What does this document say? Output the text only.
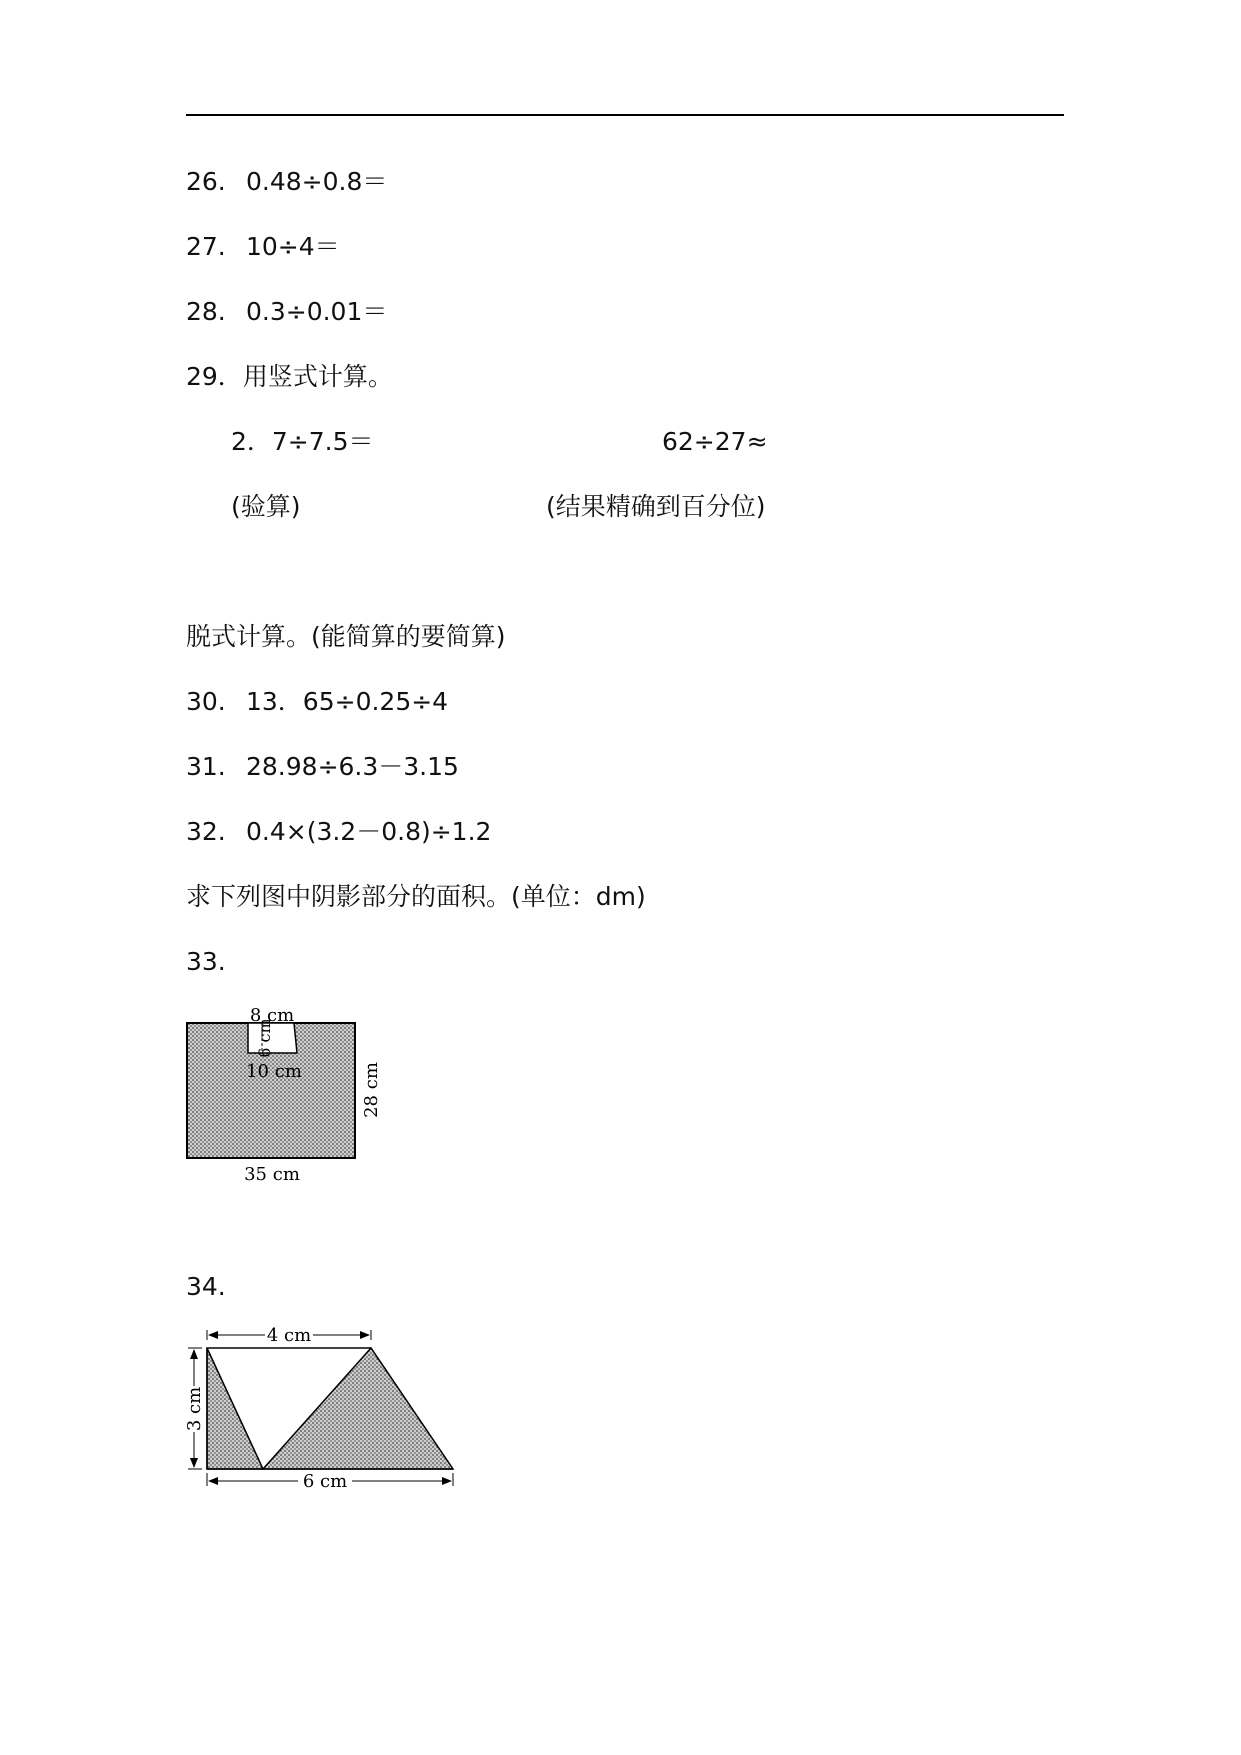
26. 0.48÷0.8＝
27. 10÷4＝
28. 0.3÷0.01＝
29．用竖式计算。
2．7÷7.5＝	62÷27≈
(验算)	(结果精确到百分位)
脱式计算。(能简算的要简算)
30. 13．65÷0.25÷4
31. 28.98÷6.3－3.15
32. 0.4×(3.2－0.8)÷1.2
求下列图中阴影部分的面积。(单位：dm)
33.
8 cm
6 cm
10 cm	28 cm
35 cm
34.
4 cm
3 cm
6 cm
